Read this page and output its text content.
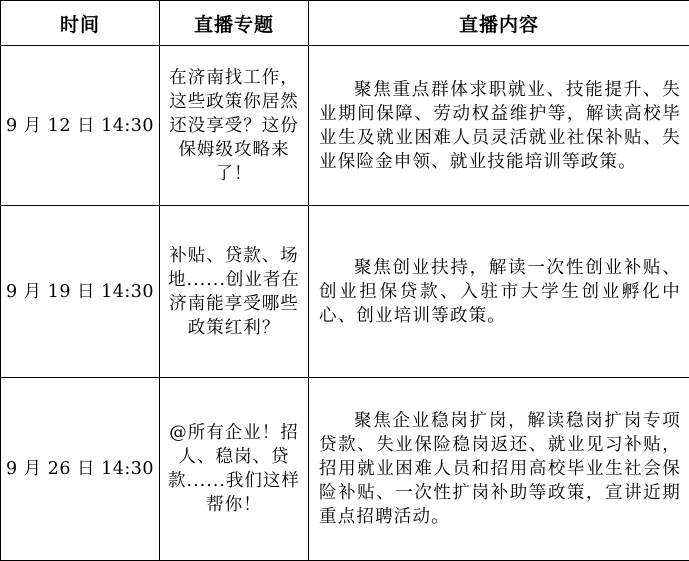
时间	直播专题	直播内容
9 月 12 日 14:30	在济南找工作，这些政策你居然还没享受？这份保姆级攻略来了！	聚焦重点群体求职就业、技能提升、失业期间保障、劳动权益维护等，解读高校毕业生及就业困难人员灵活就业社保补贴、失业保险金申领、就业技能培训等政策。

9 月 19 日 14:30	补贴、贷款、场地......创业者在济南能享受哪些政策红利？	聚焦创业扶持，解读一次性创业补贴、创业担保贷款、入驻市大学生创业孵化中心、创业培训等政策。

9 月 26 日 14:30	@所有企业！招人、稳岗、贷款......我们这样帮你！	聚焦企业稳岗扩岗，解读稳岗扩岗专项贷款、失业保险稳岗返还、就业见习补贴，招用就业困难人员和招用高校毕业生社会保险补贴、一次性扩岗补助等政策，宣讲近期重点招聘活动。
